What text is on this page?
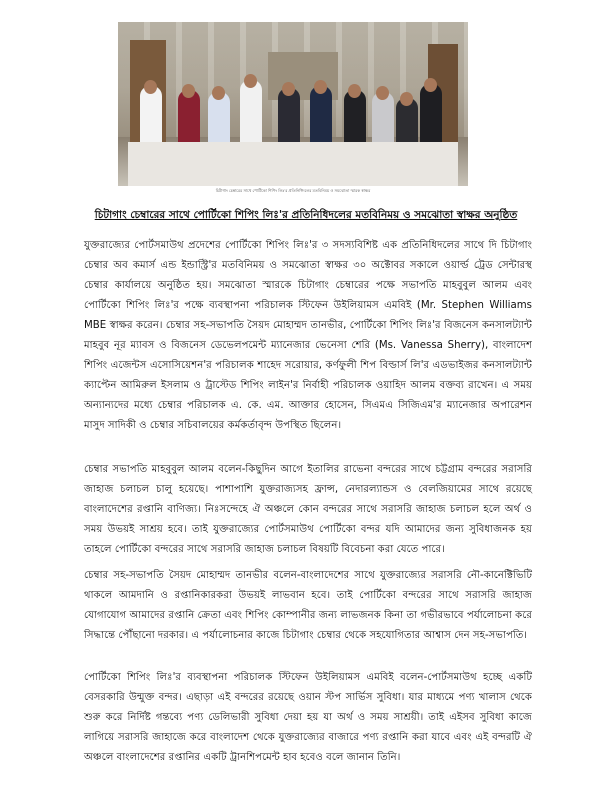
চিটাগাং চেম্বারের সাথে পোর্টিকো শিপিং লিঃ'র প্রতিনিধিদলের মতবিনিময় ও সমঝোতা স্মারক স্বাক্ষর
চিটাগাং চেম্বারের সাথে পোর্টিকো শিপিং লিঃ'র প্রতিনিধিদলের মতবিনিময় ও সমঝোতা স্বাক্ষর অনুষ্ঠিত

যুক্তরাজ্যের পোর্টসমাউথ প্রদেশের পোর্টিকো শিপিং লিঃ'র ৩ সদস্যবিশিষ্ট এক প্রতিনিধিদলের সাথে দি চিটাগাং চেম্বার অব কমার্স এন্ড ইন্ডাস্ট্রি'র মতবিনিময় ও সমঝোতা স্বাক্ষর ৩০ অক্টোবর সকালে ওয়ার্ল্ড ট্রেড সেন্টারস্থ চেম্বার কার্যালয়ে অনুষ্ঠিত হয়। সমঝোতা স্মারকে চিটাগাং চেম্বারের পক্ষে সভাপতি মাহবুবুল আলম এবং পোর্টিকো শিপিং লিঃ'র পক্ষে ব্যবস্থাপনা পরিচালক স্টিফেন উইলিয়ামস এমবিই (Mr. Stephen Williams MBE স্বাক্ষর করেন। চেম্বার সহ-সভাপতি সৈয়দ মোহাম্মদ তানভীর, পোর্টিকো শিপিং লিঃ'র বিজনেস কনসালট্যান্ট মাহবুব নূর ম্যাবস ও বিজনেস ডেভেলপমেন্ট ম্যানেজার ভেনেসা শেরি (Ms. Vanessa Sherry), বাংলাদেশ শিপিং এজেন্টস এসোসিয়েশন'র পরিচালক শাহেদ সরোয়ার, কর্ণফুলী শিপ বিল্ডার্স লি'র এডভাইজর কনসালট্যান্ট ক্যাপ্টেন আমিরুল ইসলাম ও ট্রাস্টেড শিপিং লাইন'র নির্বাহী পরিচালক ওয়াহিদ আলম বক্তব্য রাখেন। এ সময় অন্যান্যদের মধ্যে চেম্বার পরিচালক এ. কে. এম. আক্তার হোসেন, সিএমএ সিজিএম'র ম্যানেজার অপারেশন মাসুদ সাদিকী ও চেম্বার সচিবালয়ের কর্মকর্তাবৃন্দ উপস্থিত ছিলেন।

চেম্বার সভাপতি মাহবুবুল আলম বলেন-কিছুদিন আগে ইতালির রাভেনা বন্দরের সাথে চট্টগ্রাম বন্দরের সরাসরি জাহাজ চলাচল চালু হয়েছে। পাশাপাশি যুক্তরাজ্যসহ ফ্রান্স, নেদারল্যান্ডস ও বেলজিয়ামের সাথে রয়েছে বাংলাদেশের রপ্তানি বাণিজ্য। নিঃসন্দেহে ঐ অঞ্চলে কোন বন্দরের সাথে সরাসরি জাহাজ চলাচল হলে অর্থ ও সময় উভয়ই সাশ্রয় হবে। তাই যুক্তরাজ্যের পোর্টসমাউথ পোর্টিকো বন্দর যদি আমাদের জন্য সুবিধাজনক হয় তাহলে পোর্টিকো বন্দরের সাথে সরাসরি জাহাজ চলাচল বিষয়টি বিবেচনা করা যেতে পারে।

চেম্বার সহ-সভাপতি সৈয়দ মোহাম্মদ তানভীর বলেন-বাংলাদেশের সাথে যুক্তরাজ্যের সরাসরি নৌ-কানেক্টিভিটি থাকলে আমদানি ও রপ্তানিকারকরা উভয়ই লাভবান হবে। তাই পোর্টিকো বন্দরের সাথে সরাসরি জাহাজ যোগাযোগ আমাদের রপ্তানি ক্রেতা এবং শিপিং কোম্পানীর জন্য লাভজনক কিনা তা গভীরভাবে পর্যালোচনা করে সিদ্ধান্তে পৌঁছানো দরকার। এ পর্যালোচনার কাজে চিটাগাং চেম্বার থেকে সহযোগিতার আশ্বাস দেন সহ-সভাপতি।

পোর্টিকো শিপিং লিঃ'র ব্যবস্থাপনা পরিচালক স্টিফেন উইলিয়ামস এমবিই বলেন-পোর্টসমাউথ হচ্ছে একটি বেসরকারি উন্মুক্ত বন্দর। এছাড়া এই বন্দরের রয়েছে ওয়ান স্টপ সার্ভিস সুবিধা। যার মাধ্যমে পণ্য খালাস থেকে শুরু করে নির্দিষ্ট গন্তব্যে পণ্য ডেলিভারী সুবিধা দেয়া হয় যা অর্থ ও সময় সাশ্রয়ী। তাই এইসব সুবিধা কাজে লাগিয়ে সরাসরি জাহাজে করে বাংলাদেশ থেকে যুক্তরাজ্যের বাজারে পণ্য রপ্তানি করা যাবে এবং এই বন্দরটি ঐ অঞ্চলে বাংলাদেশের রপ্তানির একটি ট্রানশিপমেন্ট হাব হবেও বলে জানান তিনি।
